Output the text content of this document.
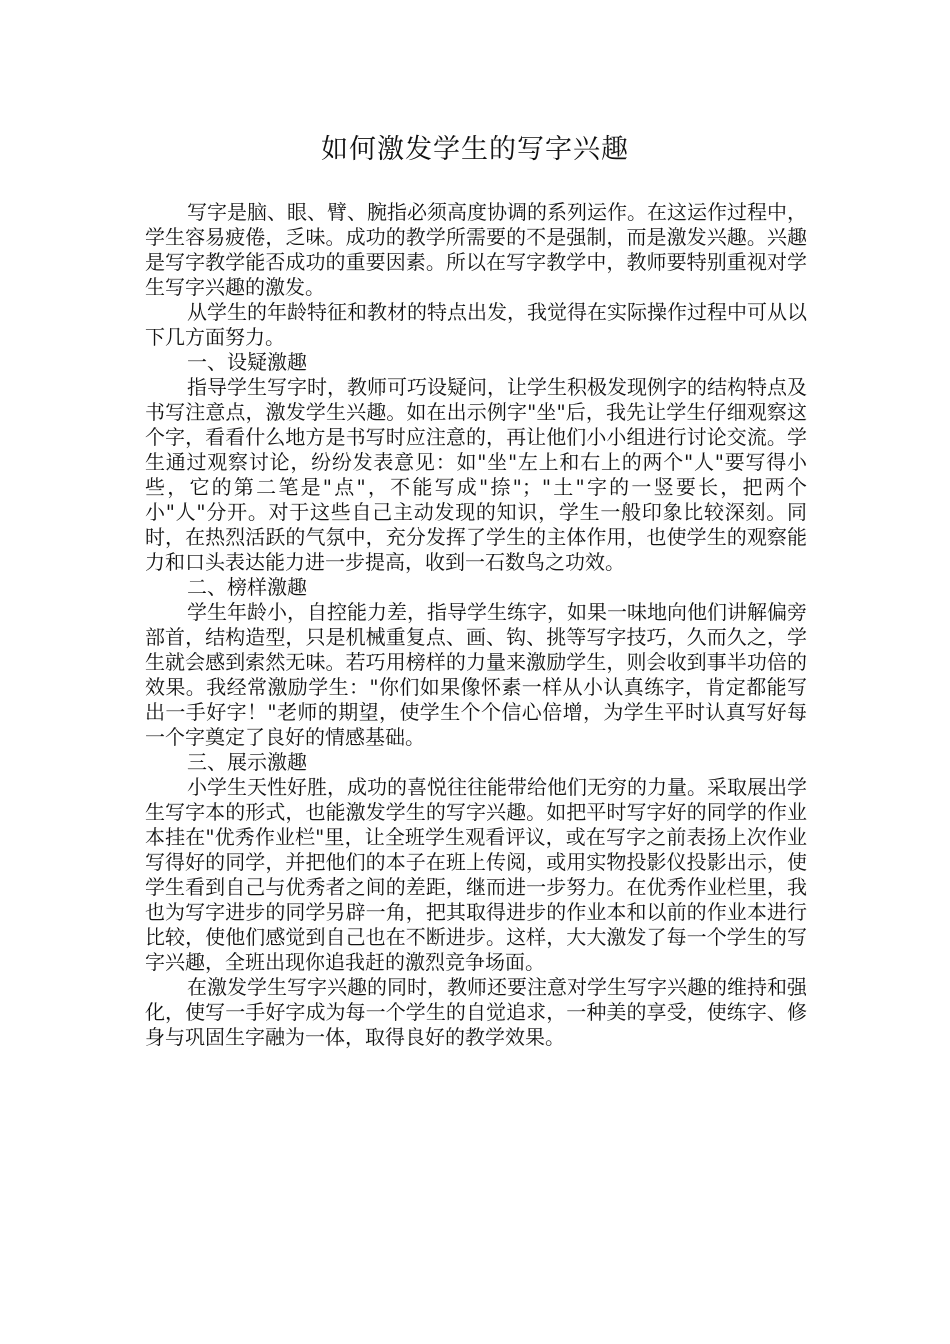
如何激发学生的写字兴趣

写字是脑、眼、臂、腕指必须高度协调的系列运作。在这运作过程中，学生容易疲倦，乏味。成功的教学所需要的不是强制，而是激发兴趣。兴趣是写字教学能否成功的重要因素。所以在写字教学中，教师要特别重视对学生写字兴趣的激发。

从学生的年龄特征和教材的特点出发，我觉得在实际操作过程中可从以下几方面努力。

一、设疑激趣

指导学生写字时，教师可巧设疑问，让学生积极发现例字的结构特点及书写注意点，激发学生兴趣。如在出示例字"坐"后，我先让学生仔细观察这个字，看看什么地方是书写时应注意的，再让他们小小组进行讨论交流。学生通过观察讨论，纷纷发表意见：如"坐"左上和右上的两个"人"要写得小些，它的第二笔是"点"，不能写成"捺"；"土"字的一竖要长，把两个小"人"分开。对于这些自己主动发现的知识，学生一般印象比较深刻。同时，在热烈活跃的气氛中，充分发挥了学生的主体作用，也使学生的观察能力和口头表达能力进一步提高，收到一石数鸟之功效。

二、榜样激趣

学生年龄小，自控能力差，指导学生练字，如果一味地向他们讲解偏旁部首，结构造型，只是机械重复点、画、钩、挑等写字技巧，久而久之，学生就会感到索然无味。若巧用榜样的力量来激励学生，则会收到事半功倍的效果。我经常激励学生："你们如果像怀素一样从小认真练字，肯定都能写出一手好字！"老师的期望，使学生个个信心倍增，为学生平时认真写好每一个字奠定了良好的情感基础。

三、展示激趣

小学生天性好胜，成功的喜悦往往能带给他们无穷的力量。采取展出学生写字本的形式，也能激发学生的写字兴趣。如把平时写字好的同学的作业本挂在"优秀作业栏"里，让全班学生观看评议，或在写字之前表扬上次作业写得好的同学，并把他们的本子在班上传阅，或用实物投影仪投影出示，使学生看到自己与优秀者之间的差距，继而进一步努力。在优秀作业栏里，我也为写字进步的同学另辟一角，把其取得进步的作业本和以前的作业本进行比较，使他们感觉到自己也在不断进步。这样，大大激发了每一个学生的写字兴趣，全班出现你追我赶的激烈竞争场面。

在激发学生写字兴趣的同时，教师还要注意对学生写字兴趣的维持和强化，使写一手好字成为每一个学生的自觉追求，一种美的享受，使练字、修身与巩固生字融为一体，取得良好的教学效果。
